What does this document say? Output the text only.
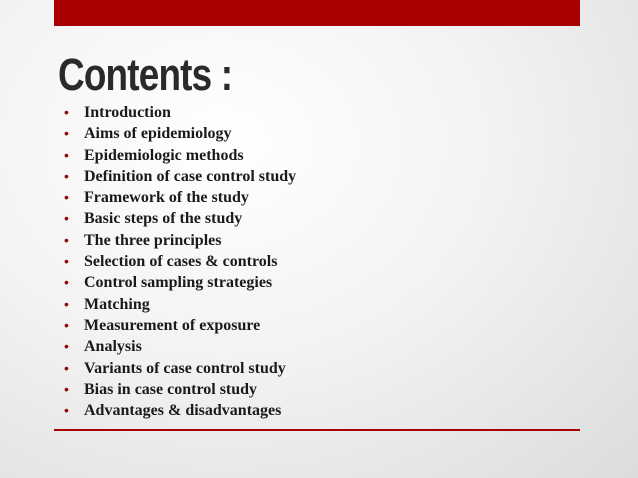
Contents :
• Introduction
• Aims of epidemiology
• Epidemiologic methods
• Definition of case control study
• Framework of the study
• Basic steps of the study
• The three principles
• Selection of cases & controls
• Control sampling strategies
• Matching
• Measurement of exposure
• Analysis
• Variants of case control study
• Bias in case control study
• Advantages & disadvantages
